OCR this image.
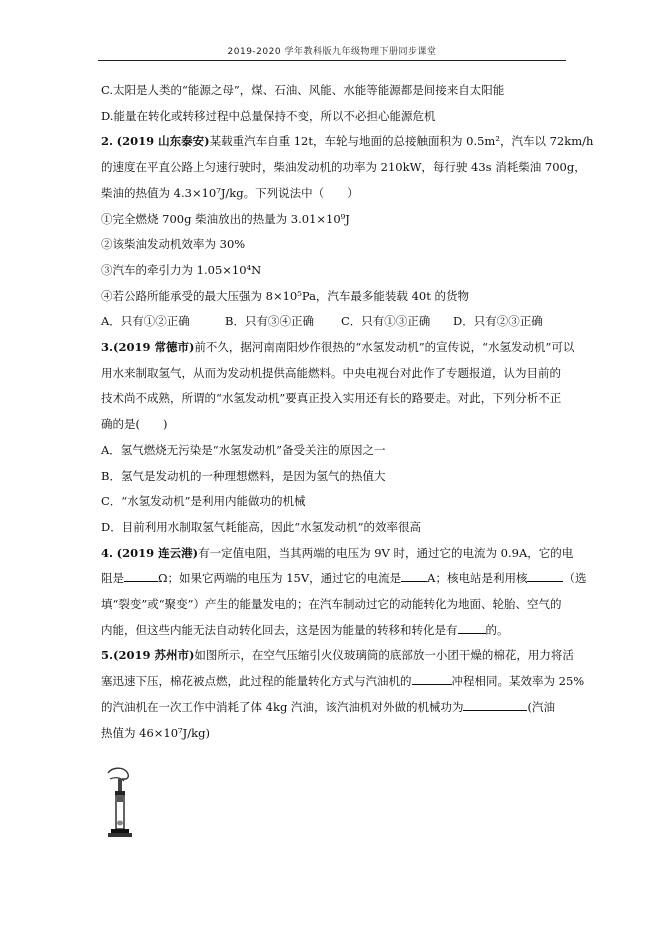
2019-2020 学年教科版九年级物理下册同步课堂
C.太阳是人类的“能源之母”，煤、石油、风能、水能等能源都是间接来自太阳能
D.能量在转化或转移过程中总量保持不变，所以不必担心能源危机
2. (2019 山东泰安)某载重汽车自重 12t，车轮与地面的总接触面积为 0.5m²，汽车以 72km/h
的速度在平直公路上匀速行驶时，柴油发动机的功率为 210kW，每行驶 43s 消耗柴油 700g，
柴油的热值为 4.3×10⁷J/kg。下列说法中（　　）
①完全燃烧 700g 柴油放出的热量为 3.01×10⁹J
②该柴油发动机效率为 30%
③汽车的牵引力为 1.05×10⁴N
④若公路所能承受的最大压强为 8×10⁵Pa，汽车最多能装载 40t 的货物
A．只有①②正确	B．只有③④正确 C．只有①③正确 D．只有②③正确
3.(2019 常德市)前不久，据河南南阳炒作很热的“水氢发动机”的宣传说，“水氢发动机”可以
用水来制取氢气，从而为发动机提供高能燃料。中央电视台对此作了专题报道，认为目前的
技术尚不成熟，所谓的“水氢发动机”要真正投入实用还有长的路要走。对此，下列分析不正
确的是(　　)
A．氢气燃烧无污染是“水氢发动机”备受关注的原因之一
B．氢气是发动机的一种理想燃料，是因为氢气的热值大
C．“水氢发动机”是利用内能做功的机械
D．目前利用水制取氢气耗能高，因此“水氢发动机”的效率很高
4. (2019 连云港)有一定值电阻，当其两端的电压为 9V 时，通过它的电流为 0.9A，它的电
阻是	Ω；如果它两端的电压为 15V，通过它的电流是 A；核电站是利用核	（选
填“裂变”或“聚变”）产生的能量发电的；在汽车制动过它的动能转化为地面、轮胎、空气的
内能，但这些内能无法自动转化回去，这是因为能量的转移和转化是有 的。
5.(2019 苏州市)如图所示，在空气压缩引火仪玻璃筒的底部放一小团干燥的棉花，用力将活
塞迅速下压，棉花被点燃，此过程的能量转化方式与汽油机的	冲程相同。某效率为 25%
的汽油机在一次工作中消耗了体 4kg 汽油，该汽油机对外做的机械功为	(汽油
热值为 46×10⁷J/kg)
